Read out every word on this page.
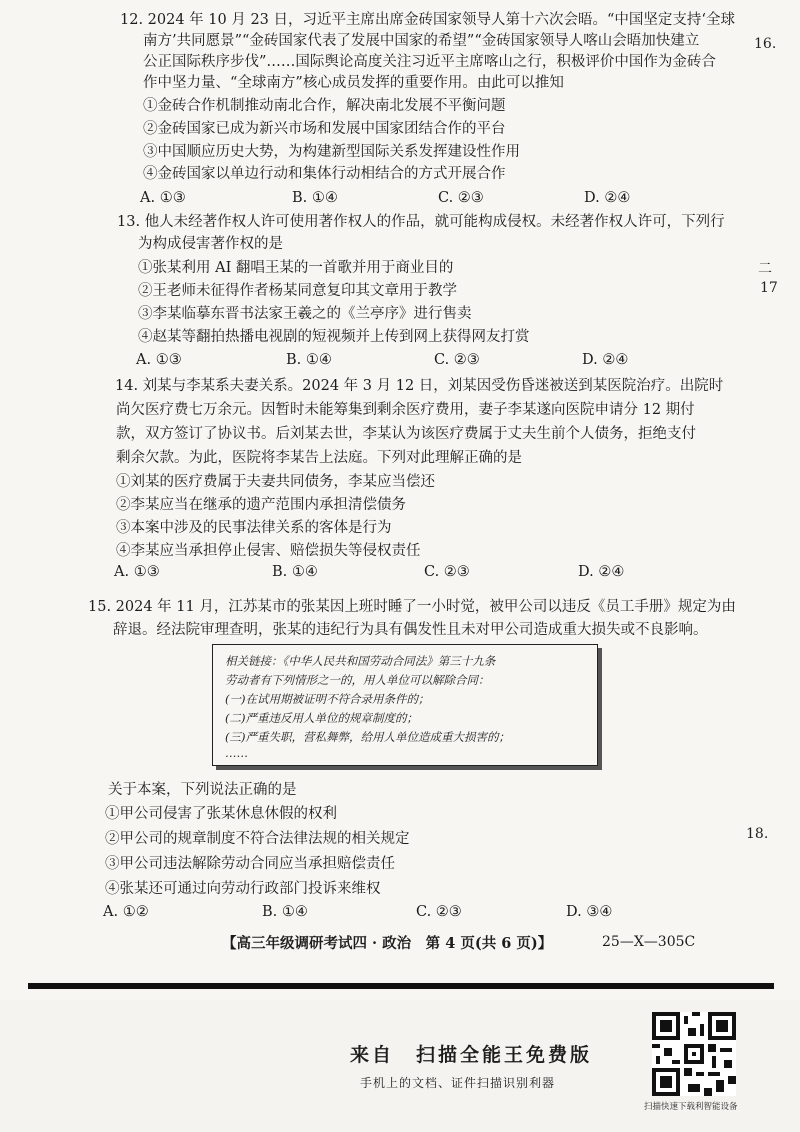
12. 2024 年 10 月 23 日，习近平主席出席金砖国家领导人第十六次会晤。“中国坚定支持‘全球
南方’共同愿景”“金砖国家代表了发展中国家的希望”“金砖国家领导人喀山会晤加快建立
公正国际秩序步伐”……国际舆论高度关注习近平主席喀山之行，积极评价中国作为金砖合
作中坚力量、“全球南方”核心成员发挥的重要作用。由此可以推知
①金砖合作机制推动南北合作，解决南北发展不平衡问题
②金砖国家已成为新兴市场和发展中国家团结合作的平台
③中国顺应历史大势，为构建新型国际关系发挥建设性作用
④金砖国家以单边行动和集体行动相结合的方式开展合作
A. ①③	B. ①④	C. ②③	D. ②④
13. 他人未经著作权人许可使用著作权人的作品，就可能构成侵权。未经著作权人许可，下列行
为构成侵害著作权的是
①张某利用 AI 翻唱王某的一首歌并用于商业目的
②王老师未征得作者杨某同意复印其文章用于教学
③李某临摹东晋书法家王羲之的《兰亭序》进行售卖
④赵某等翻拍热播电视剧的短视频并上传到网上获得网友打赏
A. ①③	B. ①④	C. ②③	D. ②④
14. 刘某与李某系夫妻关系。2024 年 3 月 12 日，刘某因受伤昏迷被送到某医院治疗。出院时
尚欠医疗费七万余元。因暂时未能筹集到剩余医疗费用，妻子李某遂向医院申请分 12 期付
款，双方签订了协议书。后刘某去世，李某认为该医疗费属于丈夫生前个人债务，拒绝支付
剩余欠款。为此，医院将李某告上法庭。下列对此理解正确的是
①刘某的医疗费属于夫妻共同债务，李某应当偿还
②李某应当在继承的遗产范围内承担清偿债务
③本案中涉及的民事法律关系的客体是行为
④李某应当承担停止侵害、赔偿损失等侵权责任
A. ①③	B. ①④	C. ②③	D. ②④
15. 2024 年 11 月，江苏某市的张某因上班时睡了一小时觉，被甲公司以违反《员工手册》规定为由
辞退。经法院审理查明，张某的违纪行为具有偶发性且未对甲公司造成重大损失或不良影响。
相关链接：《中华人民共和国劳动合同法》第三十九条
劳动者有下列情形之一的，用人单位可以解除合同：
(一)在试用期被证明不符合录用条件的；
(二)严重违反用人单位的规章制度的；
(三)严重失职，营私舞弊，给用人单位造成重大损害的；
……
关于本案，下列说法正确的是
①甲公司侵害了张某休息休假的权利
②甲公司的规章制度不符合法律法规的相关规定
③甲公司违法解除劳动合同应当承担赔偿责任
④张某还可通过向劳动行政部门投诉来维权
A. ①②	B. ①④	C. ②③	D. ③④
【高三年级调研考试四 · 政治　第 4 页(共 6 页)】	25—X—305C
16.
二
17
18.
来自　扫描全能王免费版
手机上的文档、证件扫描识别利器
扫描快速下载利智能设备
